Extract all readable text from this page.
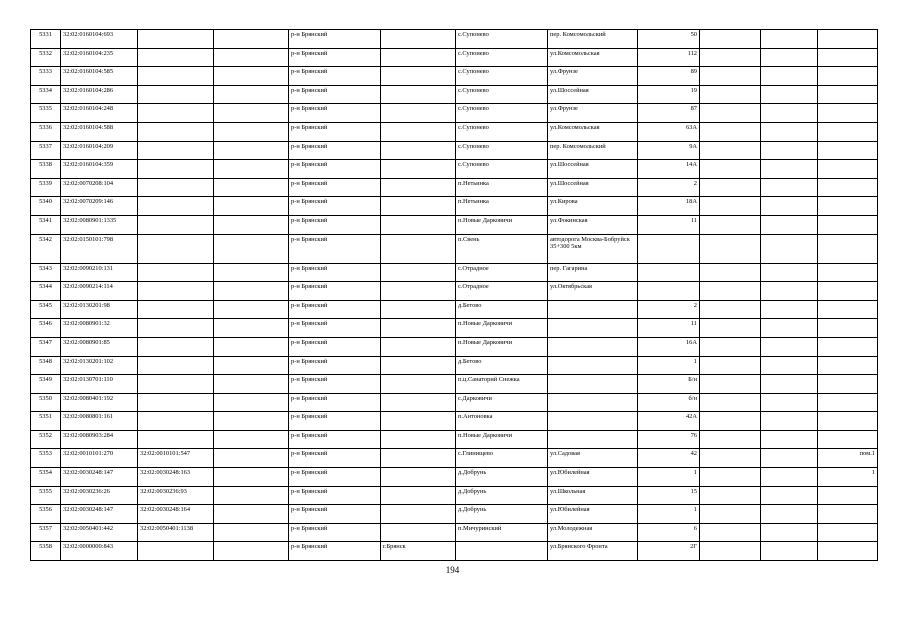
5331	32:02:0160104:693			р-н Брянский		с.Супонево	пер. Комсомольский	50			
5332	32:02:0160104:235			р-н Брянский		с.Супонево	ул.Комсомольская	112			
5333	32:02:0160104:585			р-н Брянский		с.Супонево	ул.Фрунзе	89			
5334	32:02:0160104:286			р-н Брянский		с.Супонево	ул.Шоссейная	19			
5335	32:02:0160104:248			р-н Брянский		с.Супонево	ул.Фрунзе	87			
5336	32:02:0160104:588			р-н Брянский		с.Супонево	ул.Комсомольская	63А			
5337	32:02:0160104:209			р-н Брянский		с.Супонево	пер. Комсомольский	9А			
5338	32:02:0160104:359			р-н Брянский		с.Супонево	ул.Шоссейная	14А			
5339	32:02:0070208:104			р-н Брянский		п.Нетьинка	ул.Шоссейная	2			
5340	32:02:0070209:146			р-н Брянский		п.Нетьинка	ул.Кирова	18А			
5341	32:02:0080901:1335			р-н Брянский		п.Новые Дарковичи	ул.Фокинская	11			
5342	32:02:0150101:798			р-н Брянский		п.Свень	автодорога Москва-Бобруйск 35+300 5км				
5343	32:02:0090210:131			р-н Брянский		с.Отрадное	пер. Гагарина				
5344	32:02:0090214:114			р-н Брянский		с.Отрадное	ул.Октябрьская				
5345	32:02:0130201:98			р-н Брянский		д.Бетово		2			
5346	32:02:0080901:32			р-н Брянский		п.Новые Дарковичи		11			
5347	32:02:0080901:85			р-н Брянский		п.Новые Дарковичи		16А			
5348	32:02:0130201:102			р-н Брянский		д.Бетово		1			
5349	32:02:0130701:110			р-н Брянский		п.ц.Санаторий Снежка		Б/н			
5350	32:02:0080401:192			р-н Брянский		с.Дарковичи		б/н			
5351	32:02:0080801:161			р-н Брянский		п.Антоновка		42А			
5352	32:02:0080903:284			р-н Брянский		п.Новые Дарковичи		76			
5353	32:02:0010101:270	32:02:0010101:547		р-н Брянский		с.Глинищево	ул.Садовая	42			пом.1
5354	32:02:0030248:147	32:02:0030248:163		р-н Брянский		д.Добрунь	ул.Юбилейная	1			1
5355	32:02:0030236:26	32:02:0030236:93		р-н Брянский		д.Добрунь	ул.Школьная	15			
5356	32:02:0030248:147	32:02:0030248:164		р-н Брянский		д.Добрунь	ул.Юбилейная	1			
5357	32:02:0050401:442	32:02:0050401:1138		р-н Брянский		п.Мичуринский	ул.Молодежная	6			
5358	32:02:0000000:843			р-н Брянский	г.Брянск		ул.Брянского Фронта	2Г			
194
